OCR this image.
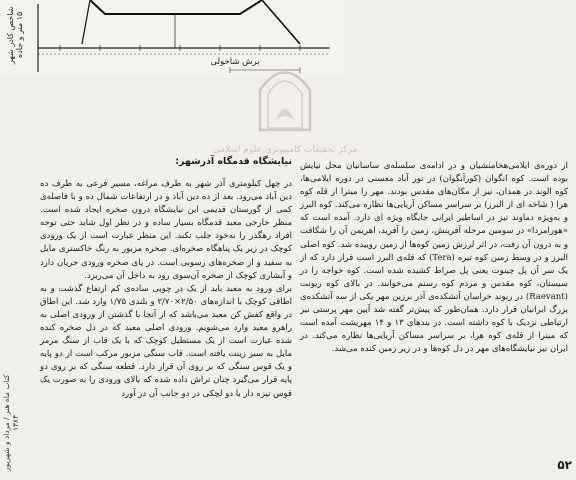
شاخص کادر شهر ۱۵ متر و جاده
برش شاخولی
مرکز تحقیقات کامپیوتری علوم اسلامی
نیایشگاه قدمگاه آذرشهر: از دوره‌ی ایلامی‌هخامنشیان و در ادامه‌ی سلسله‌ی ساسانیان محل نیایش بوده است. کوه انگوان (کوراَنگوان) در تور آباد معسنی در دوره ایلامی‌ها، کوه الوند در همدان، نیز از مکان‌های مقدس بودند. مهر را میترا از قله کوه هرا ( شاخه ای از البرز) بر سراسر مساکن آریایی‌ها نظاره می‌کند. کوه البرز و به‌ویژه دماوند نیز در اساطیر ایرانی جایگاه ویژه ای دارد. آمده است که «هورامزدا» در سومین مرحله آفرینش، زمین را آفرید، اهریمن آن را شکافت و به درون آن رفت، در اثر لرزش زمین کوه‌ها از زمین روییده شد. کوه اصلی البرز و در وسط زمین کوه تیره (Tera) که قله‌ی البرز است قرار دارد که از یک سر آن پل چینوت یعنی پل صراط کشیده شده است. کوه خواجه را در سیستان، کوه مقدس و مردم کوه رستم می‌خوانند. در بالای کوه ریونت (Raevant) در ربوند خراسان آتشکده‌ی آذر برزین مهر یکی از سه آتشکده‌ی بزرگ ایرانیان قرار دارد. همان‌طور که پیش‌تر گفته شد آیین مهر پرستی نیز ارتباطی نزدیک با کوه داشته است. در بندهای ۱۳ و ۱۴ مهریشت آمده است که میترا از قله‌ی کوه هرا، بر سراسر مساکن آریایی‌ها نظاره می‌کند. در ایران نیز نیایشگاه‌های مهر در دل کوه‌ها و در زیر زمین کنده می‌شد.

در چهل کیلومتری آذر شهر به طرف مراغه، مسیر فرعی به طرف ده دین آباد می‌رود. بعد از ده دین آباد و در ارتفاعات شمال ده و با فاصله‌ی کمی از گورستان قدیمی این نیایشگاه درون صخره ایجاد شده است. منظر خارجی معبد قدمگاه بسیار ساده و در نظر اول شاید حتی توجه افراد رهگذر را به‌خود جلب نکند. این منظر عبارت است از یک ورودی کوچک در زیر یک پناهگاه صخره‌ای. صخره مزبور به رنگ خاکستری مایل به سفید و از صخره‌های رسوبی است. در پای صخره ورودی جریان دارد و آبشاری کوچک از صخره آن‌سوی رود به داخل آن می‌ریزد.

برای ورود به معبد باید از یک در چوبی ساده‌ی کم ارتفاع گذشت و به اطاقی کوچک با اندازه‌های ۲/۵۰×۲/۷۰ و بلندی ۱/۷۵ وارد شد. این اطاق در واقع کفش کن معبد می‌باشد که از آنجا با گذشتن از ورودی اصلی به راهرو معبد وارد می‌شویم. ورودی اصلی معبد که در دل صخره کنده شده عبارت است از یک مستطیل کوچک که با یک قاب از سنگ مرمر مایل به سبز زینت یافته است. قاب سنگی مزبور مرکب است از دو پایه و یک قوس سنگی که بر روی آن قرار دارد. قطعه سنگی که بر روی دو پایه قرار می‌گیرد چنان تراش داده شده که بالای ورودی را به صورت یک قوس تیزه دار با دو لچکی در دو جانب آن در آورد

کتاب ماه هنر / مرداد و شهریور ۱۳۸۴
۵۲
